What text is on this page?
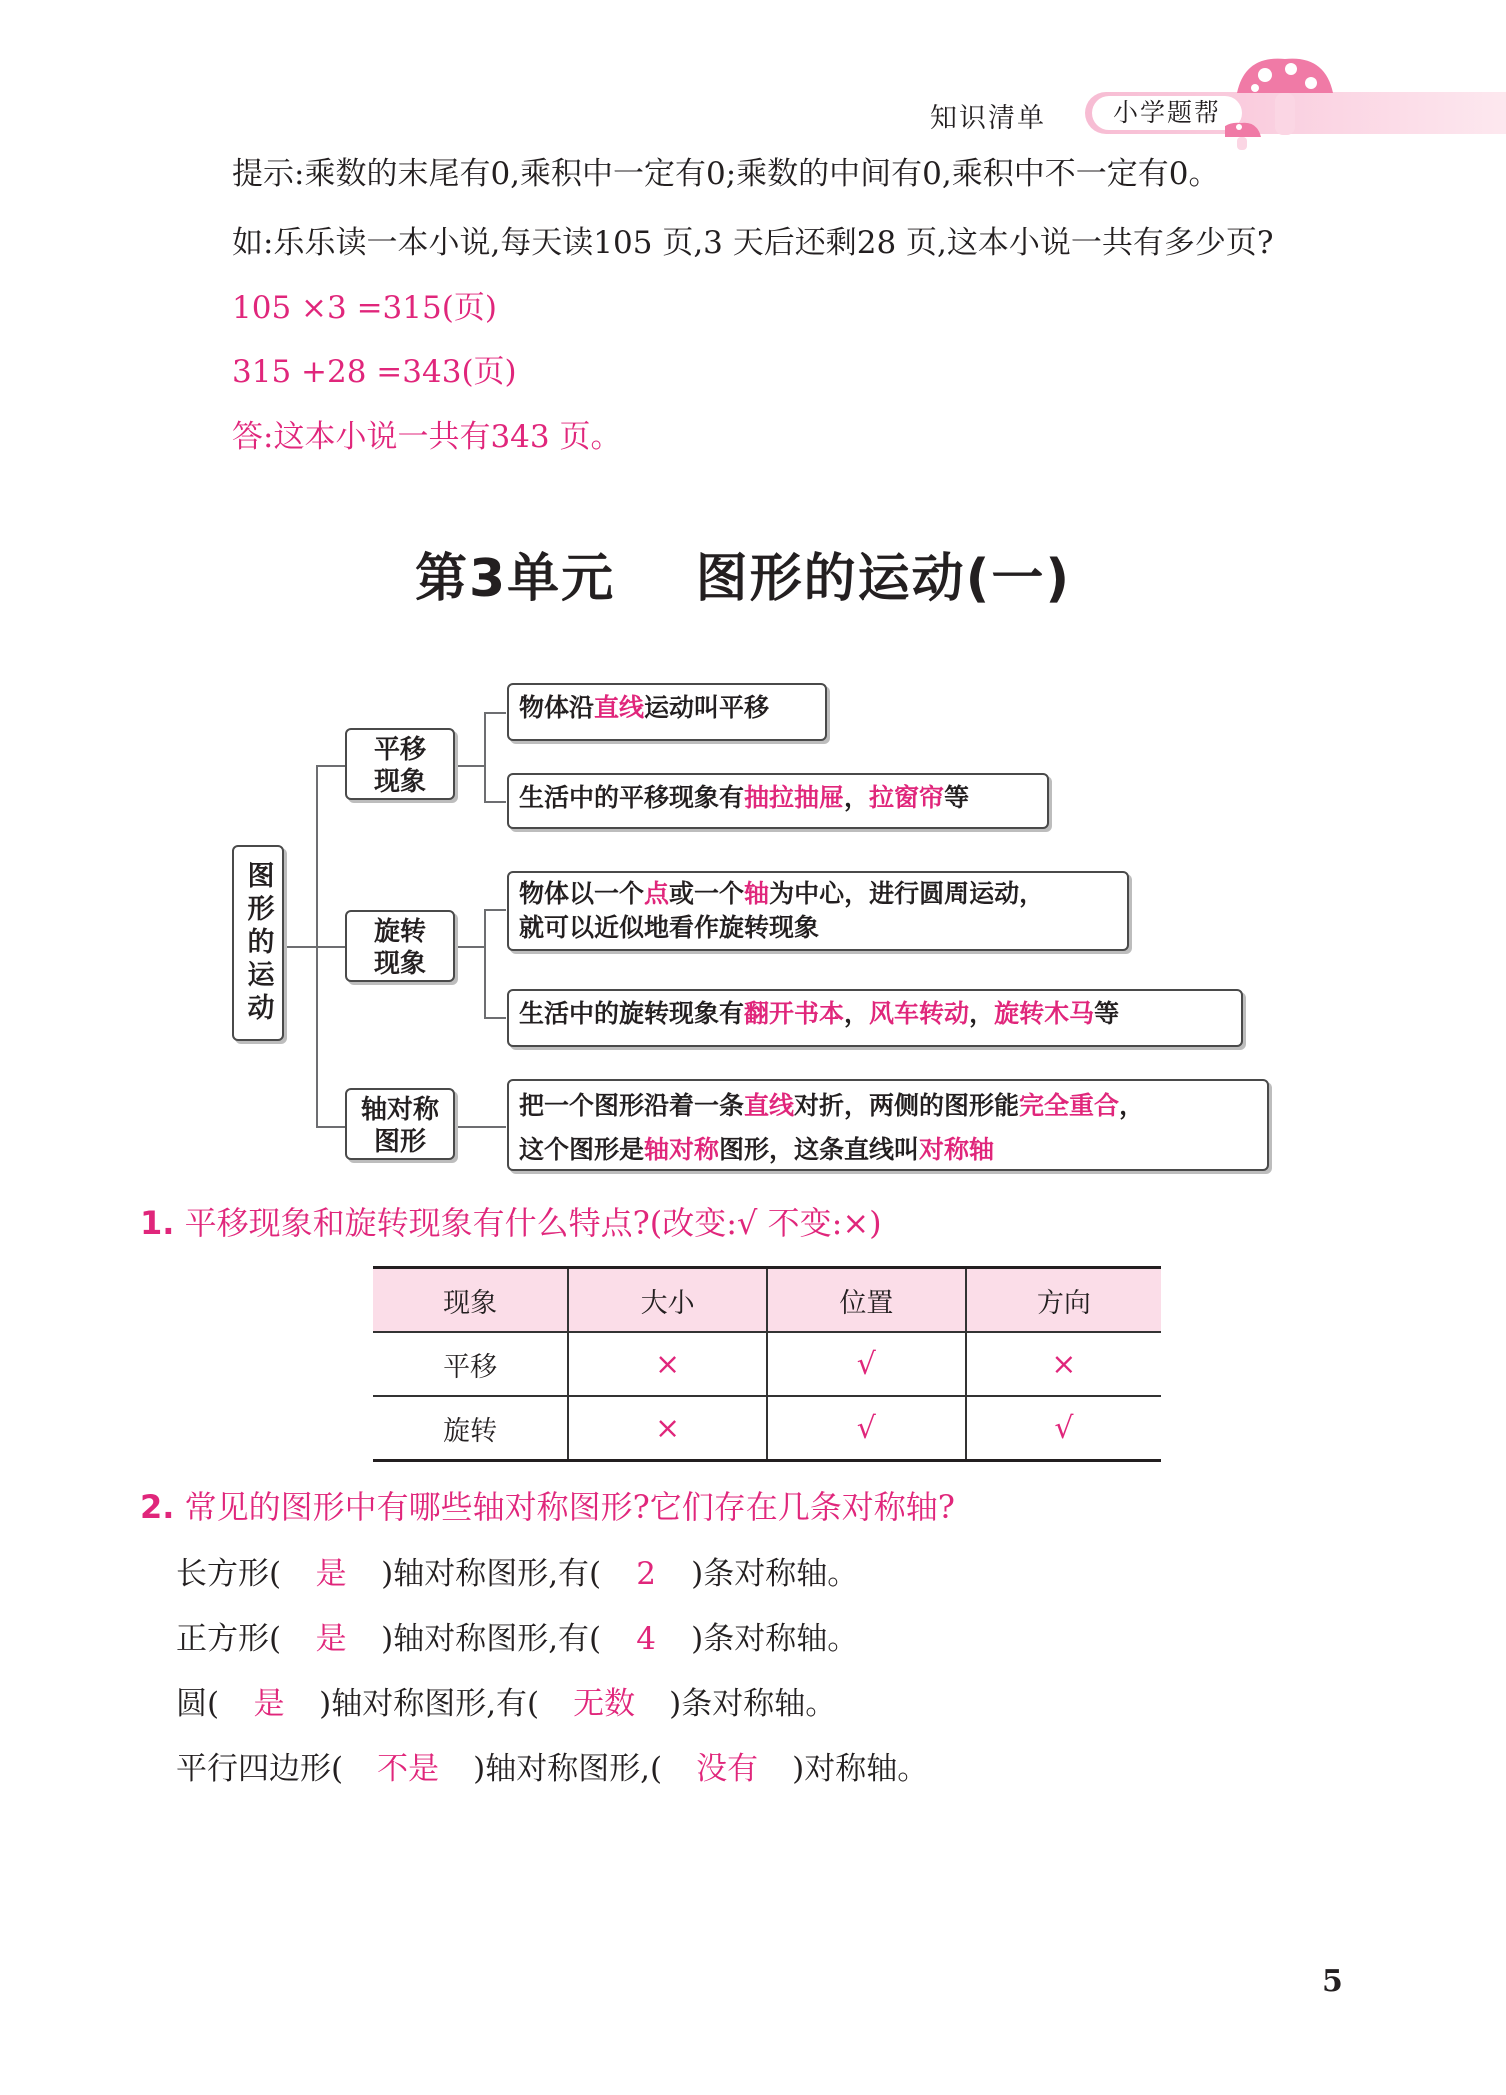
知识清单	小学题帮
提示:乘数的末尾有0,乘积中一定有0;乘数的中间有0,乘积中不一定有0。
如:乐乐读一本小说,每天读105 页,3 天后还剩28 页,这本小说一共有多少页?
105 ×3 =315(页)
315 +28 =343(页)
答:这本小说一共有343 页。
第3单元    图形的运动(一)
图形的运动
平移
现象
旋转
现象
轴对称
图形
物体沿直线运动叫平移
生活中的平移现象有抽拉抽屉，拉窗帘等
物体以一个点或一个轴为中心，进行圆周运动，
就可以近似地看作旋转现象
生活中的旋转现象有翻开书本，风车转动，旋转木马等
把一个图形沿着一条直线对折，两侧的图形能完全重合，
这个图形是轴对称图形，这条直线叫对称轴
1. 平移现象和旋转现象有什么特点?(改变:√ 不变:×)
现象	大小	位置	方向
平移	×	√	×
旋转	×	√	√
2. 常见的图形中有哪些轴对称图形?它们存在几条对称轴?
长方形( 是 )轴对称图形,有( 2 )条对称轴。
正方形( 是 )轴对称图形,有( 4 )条对称轴。
圆( 是 )轴对称图形,有( 无数 )条对称轴。
平行四边形( 不是 )轴对称图形,( 没有 )对称轴。
5
